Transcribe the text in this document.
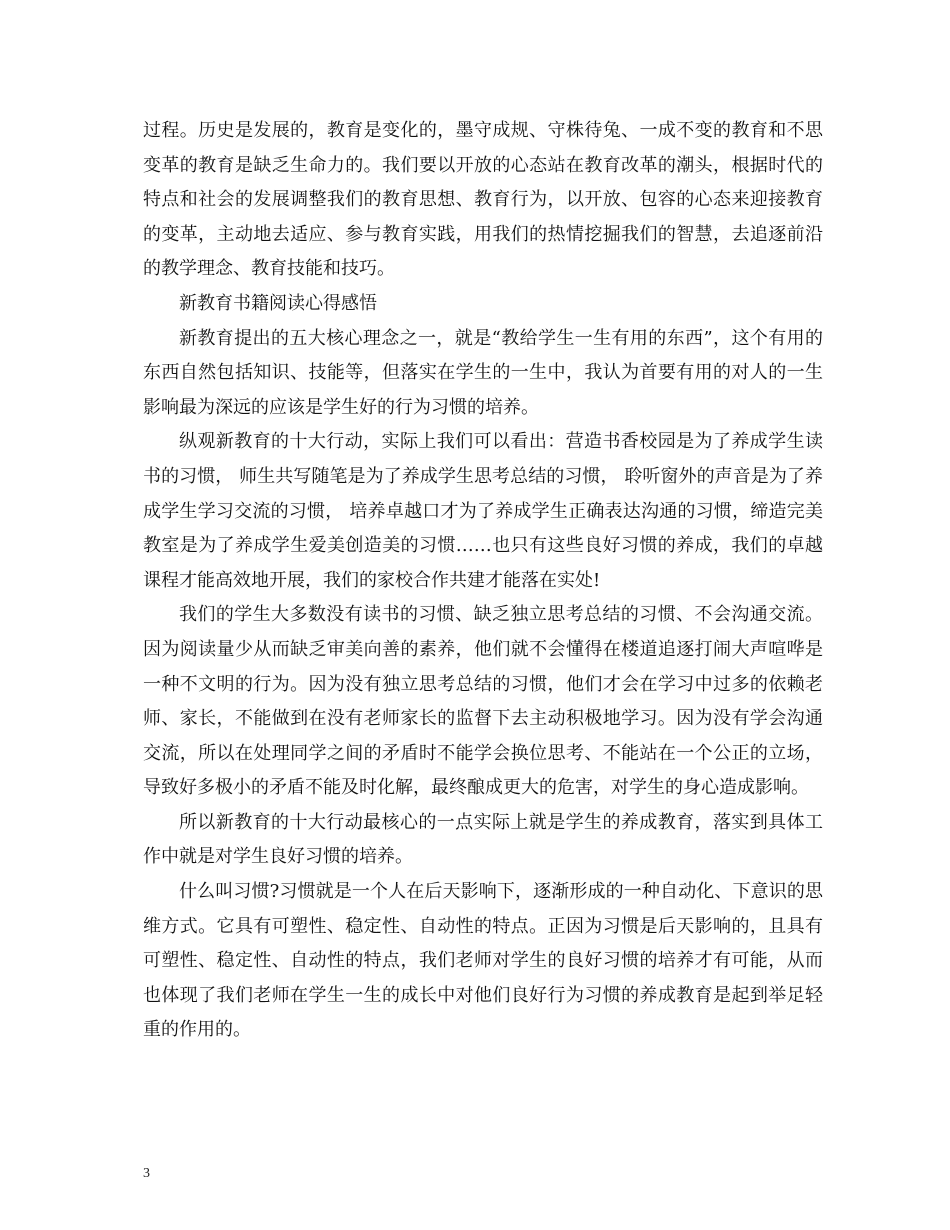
过程。历史是发展的，教育是变化的，墨守成规、守株待兔、一成不变的教育和不思变革的教育是缺乏生命力的。我们要以开放的心态站在教育改革的潮头，根据时代的特点和社会的发展调整我们的教育思想、教育行为，以开放、包容的心态来迎接教育的变革，主动地去适应、参与教育实践，用我们的热情挖掘我们的智慧，去追逐前沿的教学理念、教育技能和技巧。

新教育书籍阅读心得感悟

新教育提出的五大核心理念之一，就是“教给学生一生有用的东西”，这个有用的东西自然包括知识、技能等，但落实在学生的一生中，我认为首要有用的对人的一生影响最为深远的应该是学生好的行为习惯的培养。

纵观新教育的十大行动，实际上我们可以看出：营造书香校园是为了养成学生读书的习惯， 师生共写随笔是为了养成学生思考总结的习惯， 聆听窗外的声音是为了养成学生学习交流的习惯， 培养卓越口才为了养成学生正确表达沟通的习惯，缔造完美教室是为了养成学生爱美创造美的习惯……也只有这些良好习惯的养成，我们的卓越课程才能高效地开展，我们的家校合作共建才能落在实处!

我们的学生大多数没有读书的习惯、缺乏独立思考总结的习惯、不会沟通交流。因为阅读量少从而缺乏审美向善的素养，他们就不会懂得在楼道追逐打闹大声喧哗是一种不文明的行为。因为没有独立思考总结的习惯，他们才会在学习中过多的依赖老师、家长，不能做到在没有老师家长的监督下去主动积极地学习。因为没有学会沟通交流，所以在处理同学之间的矛盾时不能学会换位思考、不能站在一个公正的立场，导致好多极小的矛盾不能及时化解，最终酿成更大的危害，对学生的身心造成影响。

所以新教育的十大行动最核心的一点实际上就是学生的养成教育，落实到具体工作中就是对学生良好习惯的培养。

什么叫习惯?习惯就是一个人在后天影响下，逐渐形成的一种自动化、下意识的思维方式。它具有可塑性、稳定性、自动性的特点。正因为习惯是后天影响的，且具有可塑性、稳定性、自动性的特点，我们老师对学生的良好习惯的培养才有可能，从而也体现了我们老师在学生一生的成长中对他们良好行为习惯的养成教育是起到举足轻重的作用的。

3
